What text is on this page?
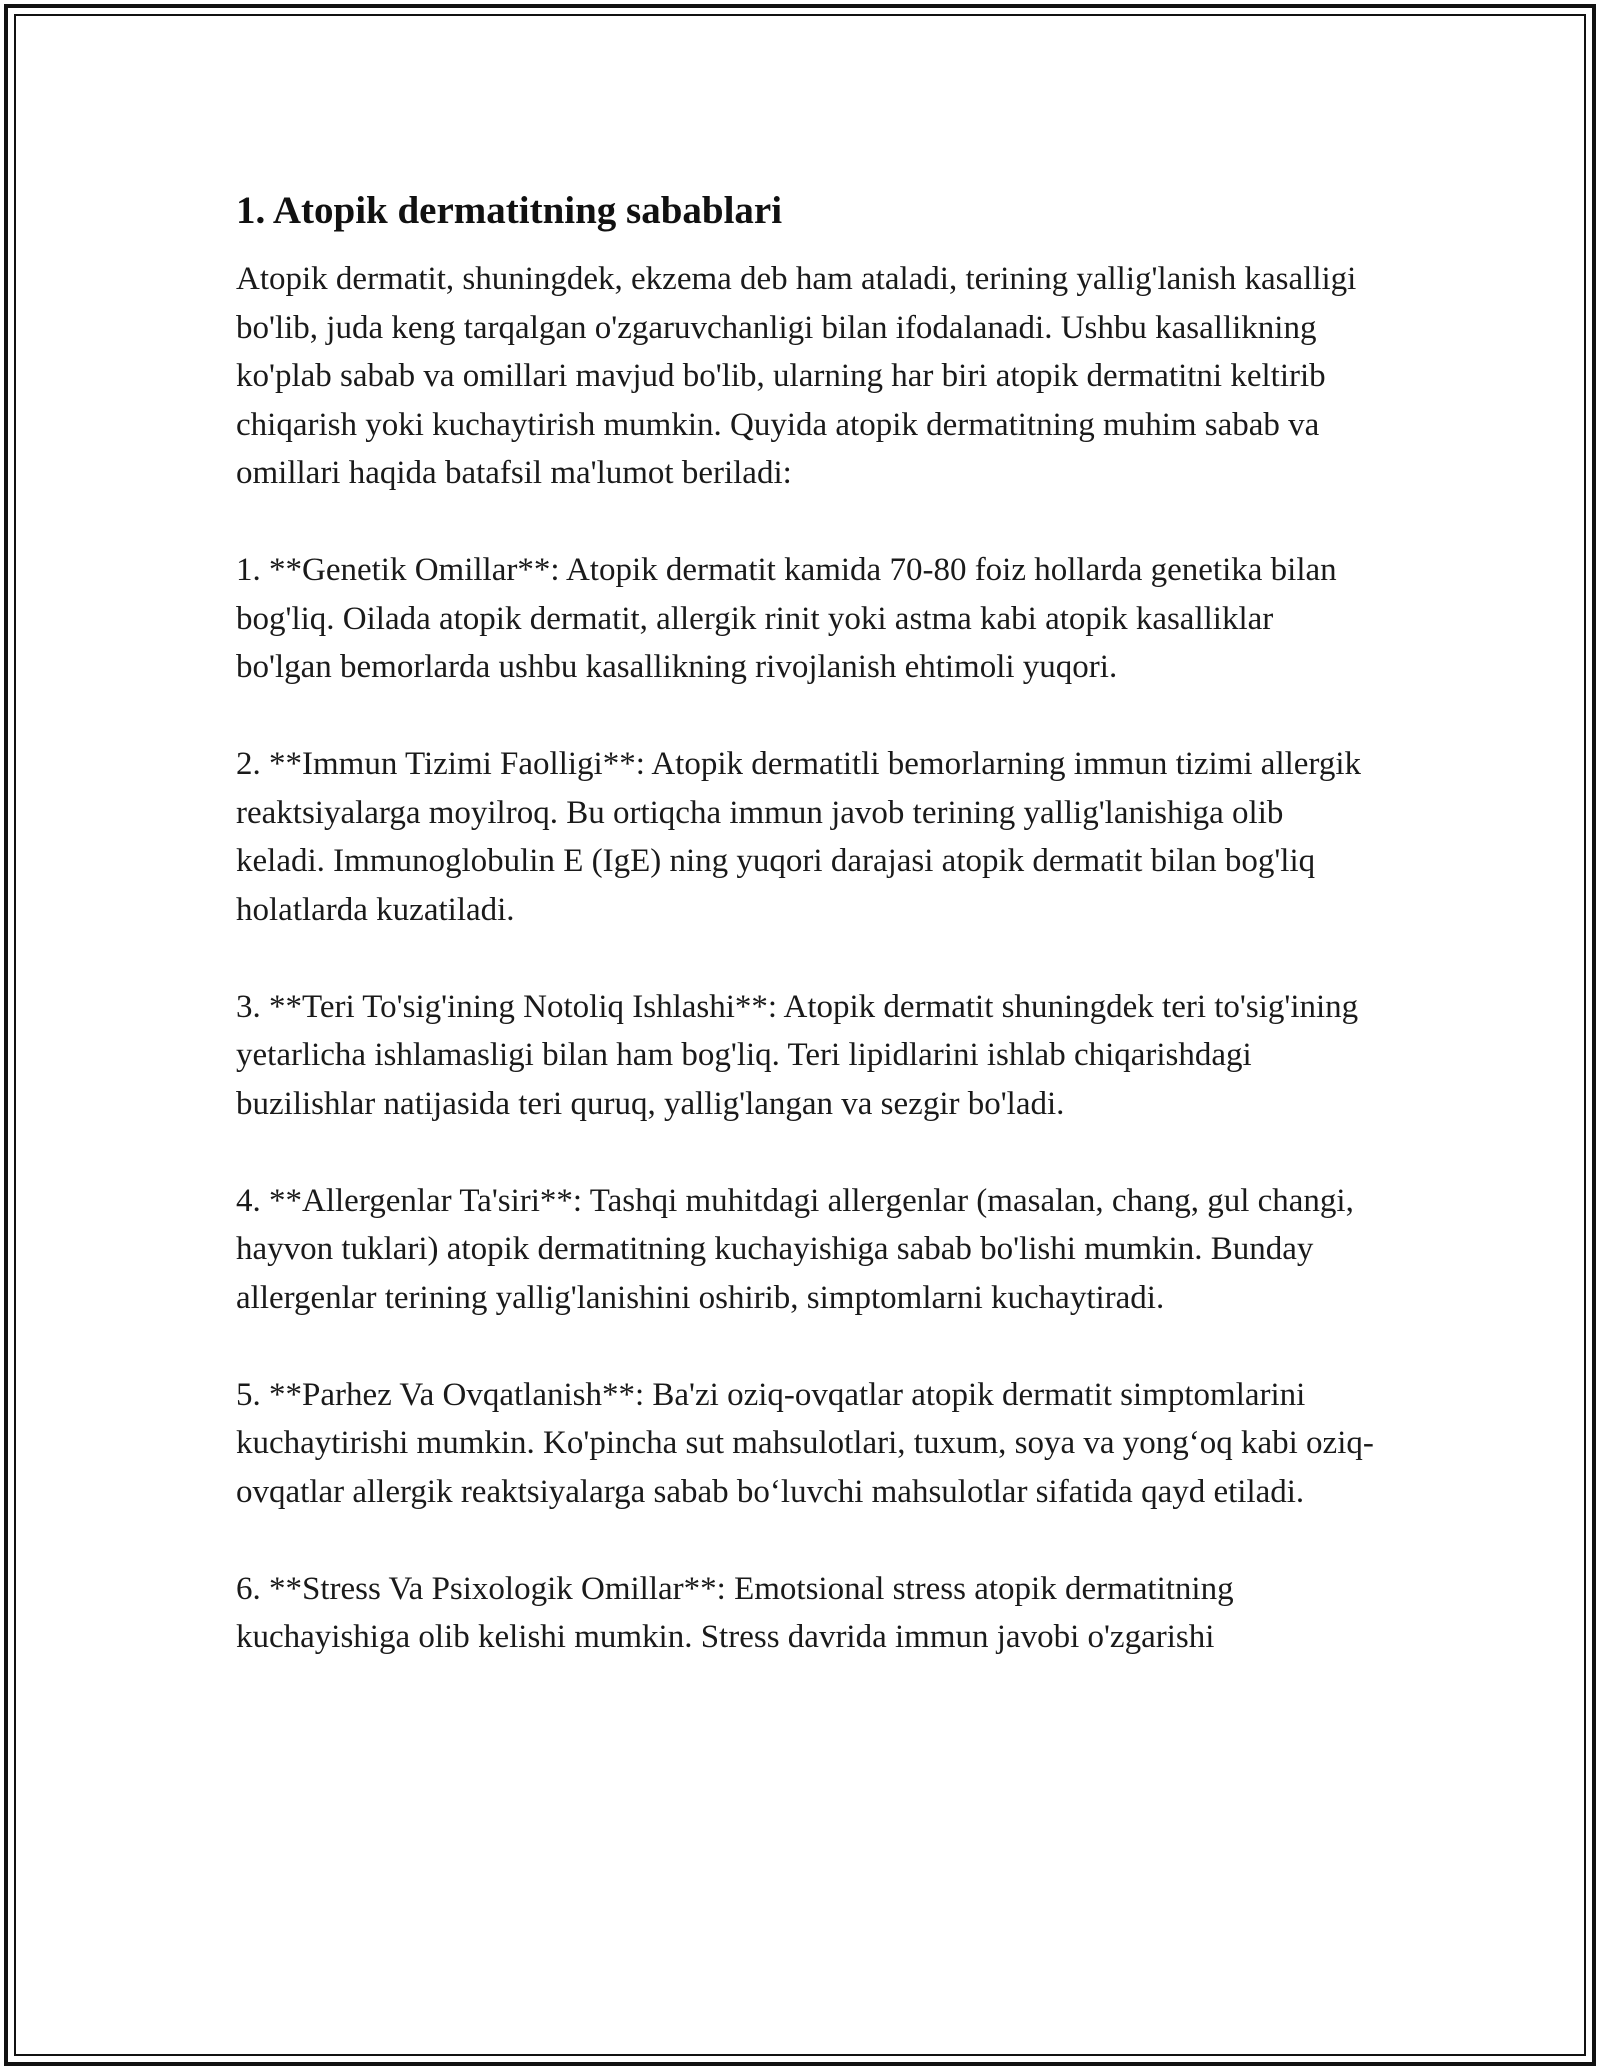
1. Atopik dermatitning sabablari

Atopik dermatit, shuningdek, ekzema deb ham ataladi, terining yallig'lanish kasalligi bo'lib, juda keng tarqalgan o'zgaruvchanligi bilan ifodalanadi. Ushbu kasallikning ko'plab sabab va omillari mavjud bo'lib, ularning har biri atopik dermatitni keltirib chiqarish yoki kuchaytirish mumkin. Quyida atopik dermatitning muhim sabab va omillari haqida batafsil ma'lumot beriladi:

1. **Genetik Omillar**: Atopik dermatit kamida 70-80 foiz hollarda genetika bilan bog'liq. Oilada atopik dermatit, allergik rinit yoki astma kabi atopik kasalliklar bo'lgan bemorlarda ushbu kasallikning rivojlanish ehtimoli yuqori.

2. **Immun Tizimi Faolligi**: Atopik dermatitli bemorlarning immun tizimi allergik reaktsiyalarga moyilroq. Bu ortiqcha immun javob terining yallig'lanishiga olib keladi. Immunoglobulin E (IgE) ning yuqori darajasi atopik dermatit bilan bog'liq holatlarda kuzatiladi.

3. **Teri To'sig'ining Notoliq Ishlashi**: Atopik dermatit shuningdek teri to'sig'ining yetarlicha ishlamasligi bilan ham bog'liq. Teri lipidlarini ishlab chiqarishdagi buzilishlar natijasida teri quruq, yallig'langan va sezgir bo'ladi.

4. **Allergenlar Ta'siri**: Tashqi muhitdagi allergenlar (masalan, chang, gul changi, hayvon tuklari) atopik dermatitning kuchayishiga sabab bo'lishi mumkin. Bunday allergenlar terining yallig'lanishini oshirib, simptomlarni kuchaytiradi.

5. **Parhez Va Ovqatlanish**: Ba'zi oziq-ovqatlar atopik dermatit simptomlarini kuchaytirishi mumkin. Ko'pincha sut mahsulotlari, tuxum, soya va yong‘oq kabi oziq-ovqatlar allergik reaktsiyalarga sabab bo‘luvchi mahsulotlar sifatida qayd etiladi.

6. **Stress Va Psixologik Omillar**: Emotsional stress atopik dermatitning kuchayishiga olib kelishi mumkin. Stress davrida immun javobi o'zgarishi
